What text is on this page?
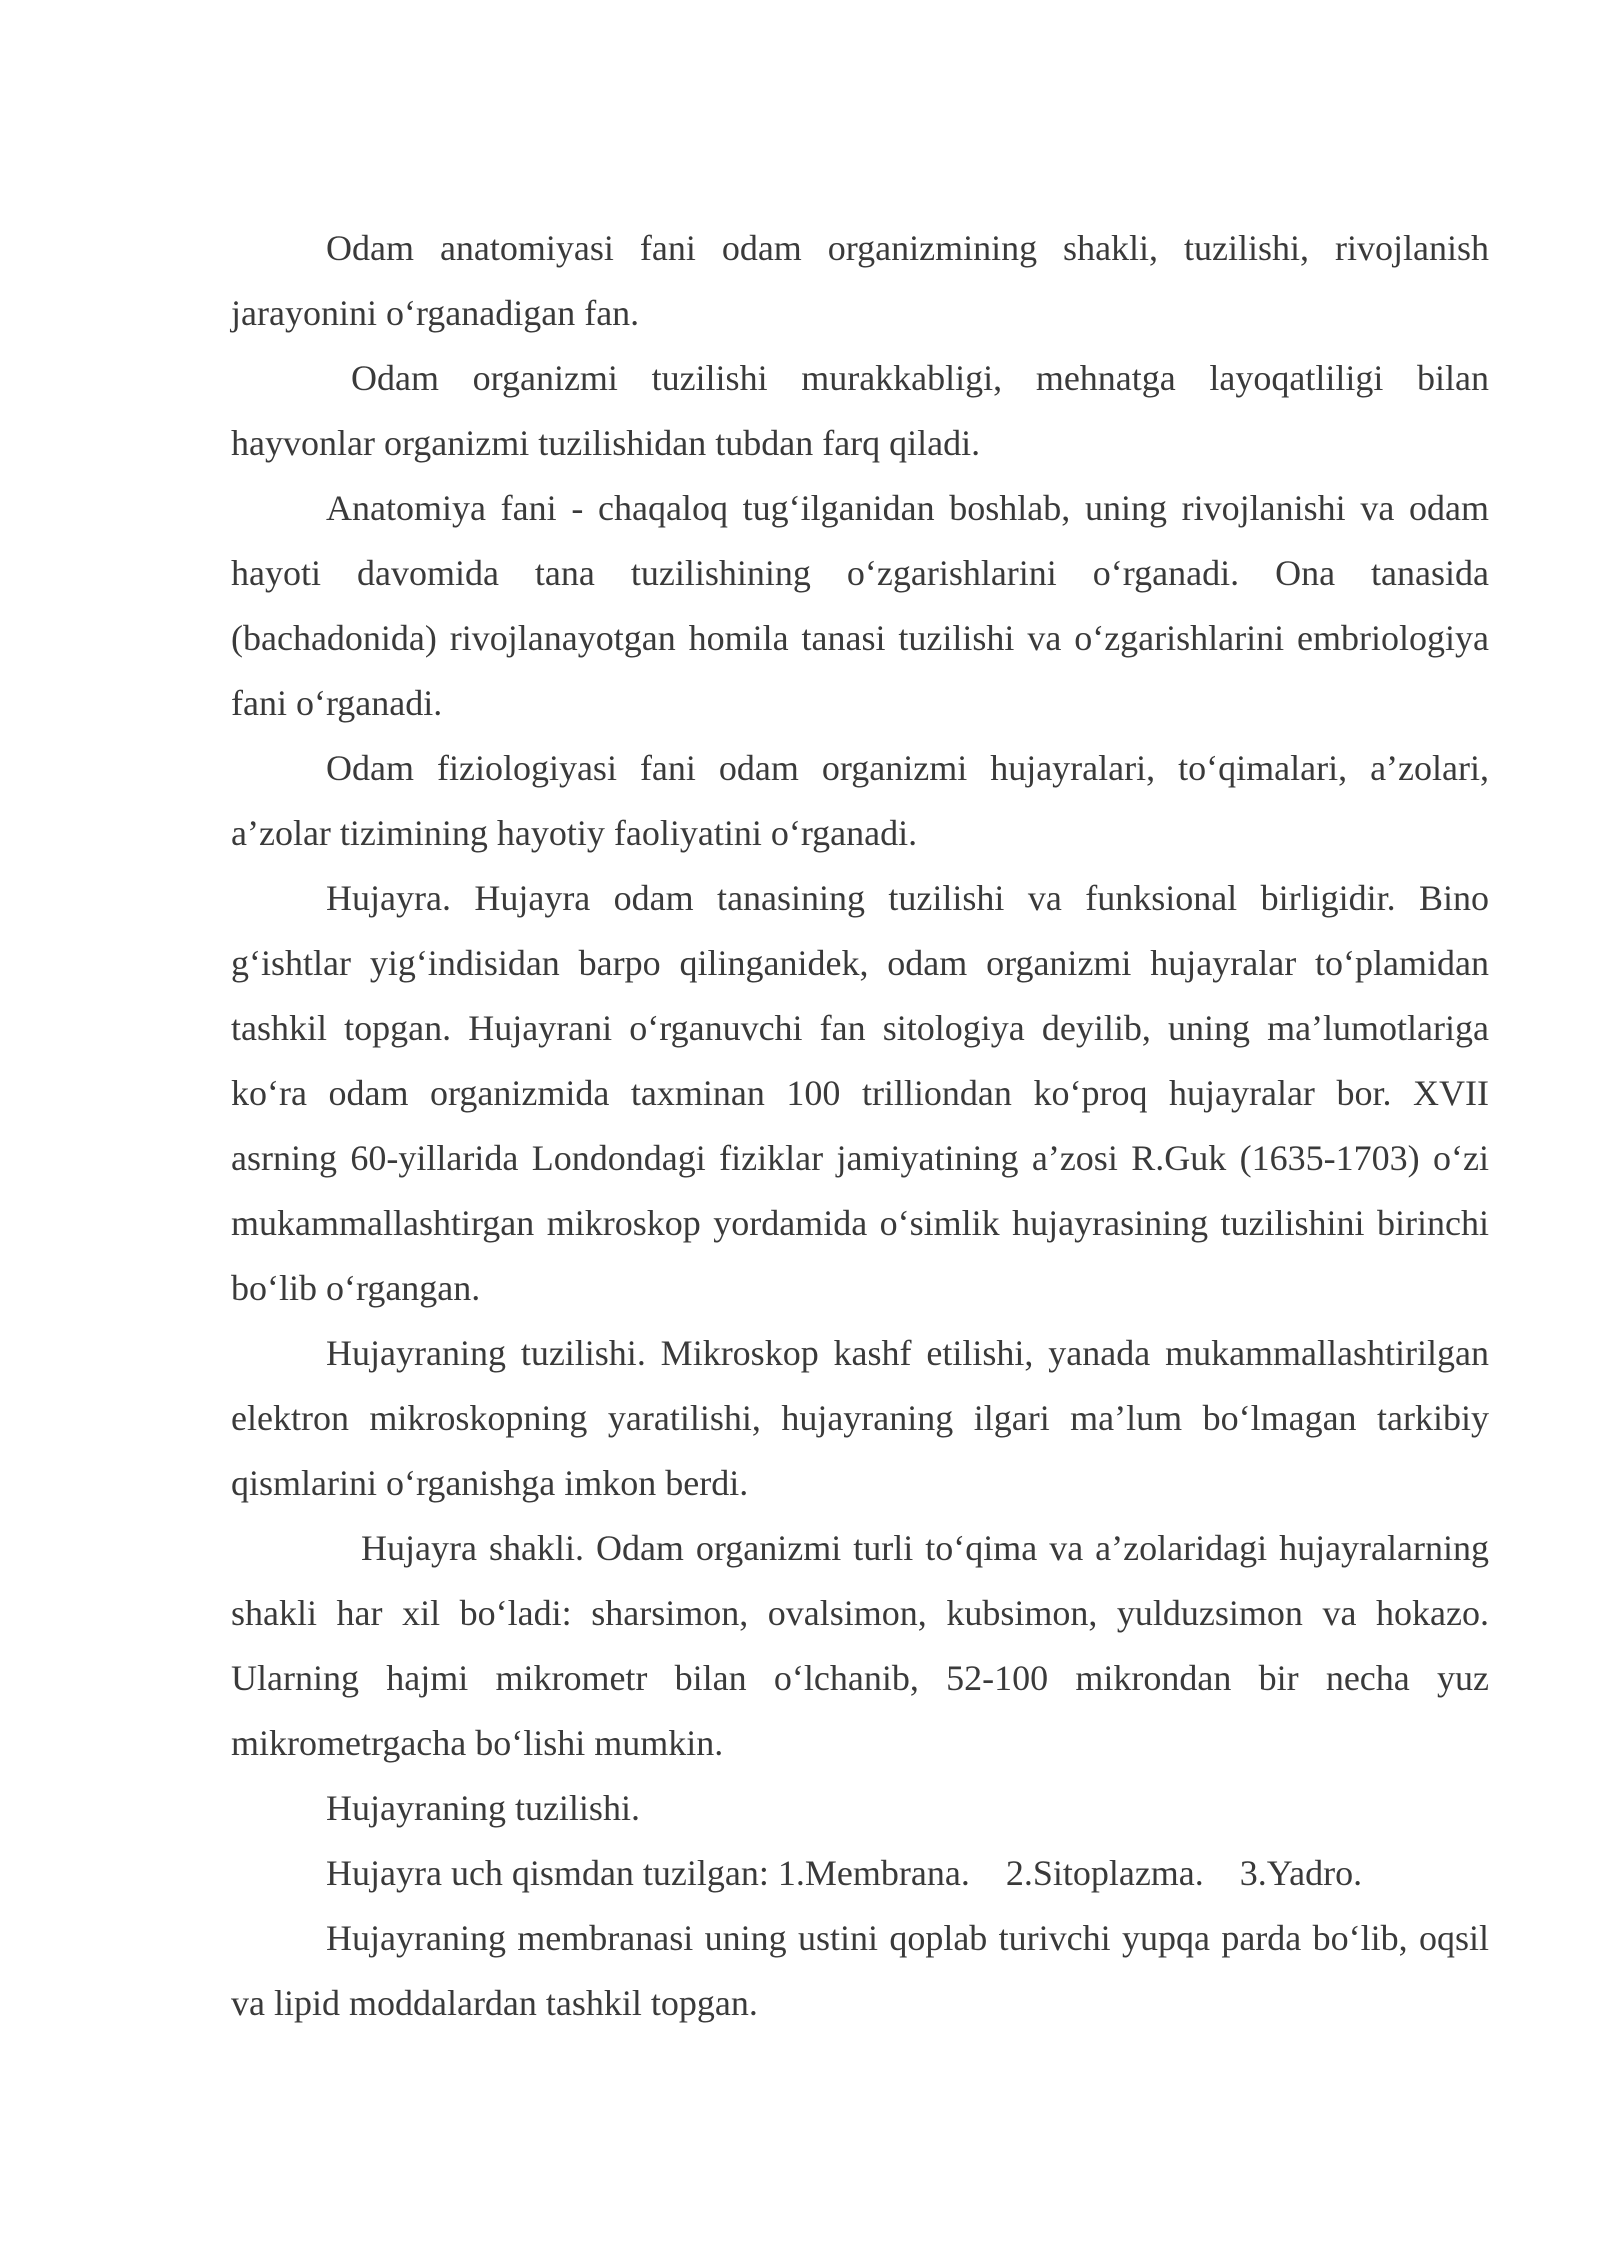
Odam anatomiyasi fani odam organizmining shakli, tuzilishi, rivojlanish jarayonini o‘rganadigan fan.

Odam organizmi tuzilishi murakkabligi, mehnatga layoqatliligi bilan hayvonlar organizmi tuzilishidan tubdan farq qiladi.

Anatomiya fani - chaqaloq tug‘ilganidan boshlab, uning rivojlanishi va odam hayoti davomida tana tuzilishining o‘zgarishlarini o‘rganadi. Ona tanasida (bachadonida) rivojlanayotgan homila tanasi tuzilishi va o‘zgarishlarini embriologiya fani o‘rganadi.

Odam fiziologiyasi fani odam organizmi hujayralari, to‘qimalari, a’zolari, a’zolar tizimining hayotiy faoliyatini o‘rganadi.

Hujayra. Hujayra odam tanasining tuzilishi va funksional birligidir. Bino g‘ishtlar yig‘indisidan barpo qilinganidek, odam organizmi hujayralar to‘plamidan tashkil topgan. Hujayrani o‘rganuvchi fan sitologiya deyilib, uning ma’lumotlariga ko‘ra odam organizmida taxminan 100 trilliondan ko‘proq hujayralar bor. XVII asrning 60-yillarida Londondagi fiziklar jamiyatining a’zosi R.Guk (1635-1703) o‘zi mukammallashtirgan mikroskop yordamida o‘simlik hujayrasining tuzilishini birinchi bo‘lib o‘rgangan.

Hujayraning tuzilishi. Mikroskop kashf etilishi, yanada mukammallashtirilgan elektron mikroskopning yaratilishi, hujayraning ilgari ma’lum bo‘lmagan tarkibiy qismlarini o‘rganishga imkon berdi.

Hujayra shakli. Odam organizmi turli to‘qima va a’zolaridagi hujayralarning shakli har xil bo‘ladi: sharsimon, ovalsimon, kubsimon, yulduzsimon va hokazo. Ularning hajmi mikrometr bilan o‘lchanib, 52-100 mikrondan bir necha yuz mikrometrgacha bo‘lishi mumkin.

Hujayraning tuzilishi.

Hujayra uch qismdan tuzilgan: 1.Membrana.    2.Sitoplazma.    3.Yadro.

Hujayraning membranasi uning ustini qoplab turivchi yupqa parda bo‘lib, oqsil va lipid moddalardan tashkil topgan.
